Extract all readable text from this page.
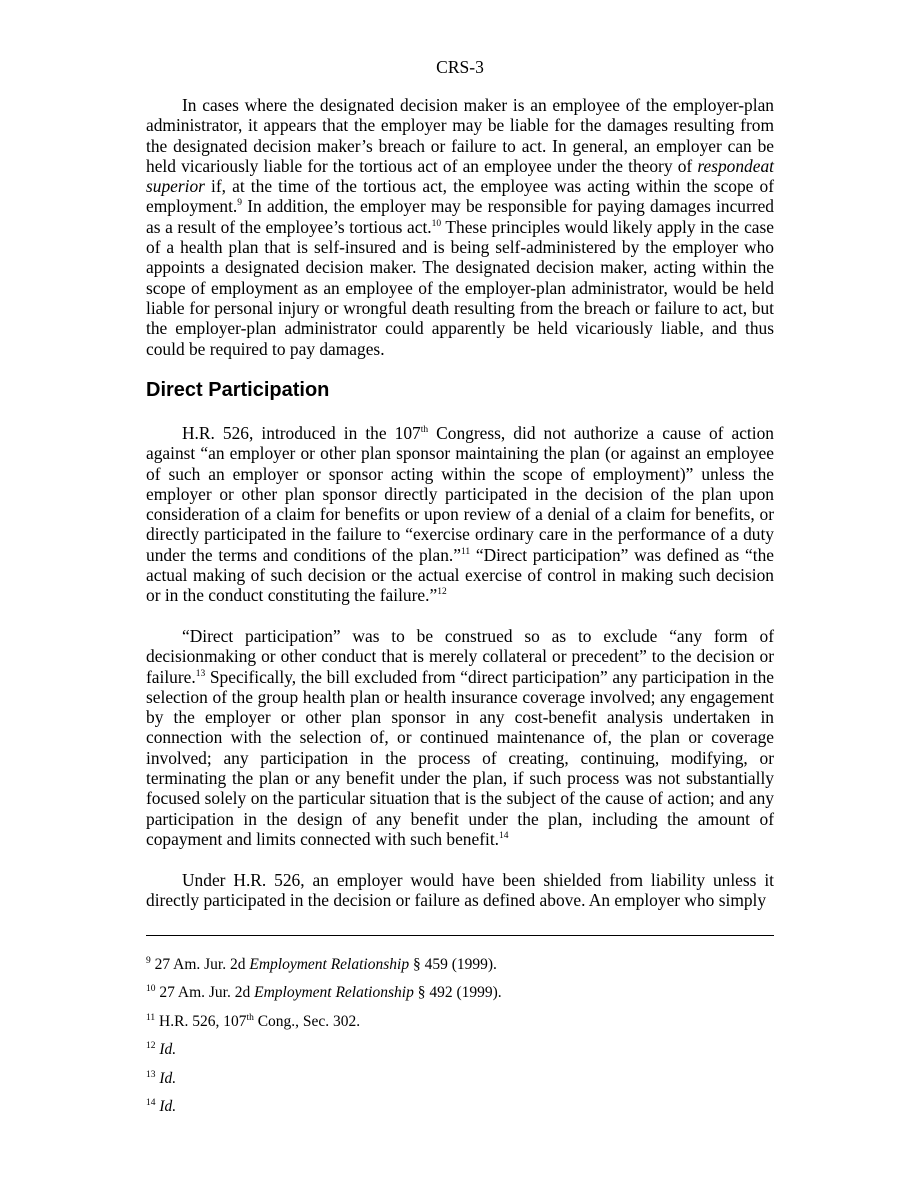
CRS-3

In cases where the designated decision maker is an employee of the employer-plan administrator, it appears that the employer may be liable for the damages resulting from the designated decision maker’s breach or failure to act. In general, an employer can be held vicariously liable for the tortious act of an employee under the theory of respondeat superior if, at the time of the tortious act, the employee was acting within the scope of employment.$^9$ In addition, the employer may be responsible for paying damages incurred as a result of the employee’s tortious act.$^{10}$ These principles would likely apply in the case of a health plan that is self-insured and is being self-administered by the employer who appoints a designated decision maker. The designated decision maker, acting within the scope of employment as an employee of the employer-plan administrator, would be held liable for personal injury or wrongful death resulting from the breach or failure to act, but the employer-plan administrator could apparently be held vicariously liable, and thus could be required to pay damages.

Direct Participation

H.R. 526, introduced in the 107th Congress, did not authorize a cause of action against “an employer or other plan sponsor maintaining the plan (or against an employee of such an employer or sponsor acting within the scope of employment)” unless the employer or other plan sponsor directly participated in the decision of the plan upon consideration of a claim for benefits or upon review of a denial of a claim for benefits, or directly participated in the failure to “exercise ordinary care in the performance of a duty under the terms and conditions of the plan.”$^{11}$ “Direct participation” was defined as “the actual making of such decision or the actual exercise of control in making such decision or in the conduct constituting the failure.”$^{12}$

“Direct participation” was to be construed so as to exclude “any form of decisionmaking or other conduct that is merely collateral or precedent” to the decision or failure.$^{13}$ Specifically, the bill excluded from “direct participation” any participation in the selection of the group health plan or health insurance coverage involved; any engagement by the employer or other plan sponsor in any cost-benefit analysis undertaken in connection with the selection of, or continued maintenance of, the plan or coverage involved; any participation in the process of creating, continuing, modifying, or terminating the plan or any benefit under the plan, if such process was not substantially focused solely on the particular situation that is the subject of the cause of action; and any participation in the design of any benefit under the plan, including the amount of copayment and limits connected with such benefit.$^{14}$

Under H.R. 526, an employer would have been shielded from liability unless it directly participated in the decision or failure as defined above. An employer who simply

$^9$ 27 Am. Jur. 2d Employment Relationship § 459 (1999).
$^{10}$ 27 Am. Jur. 2d Employment Relationship § 492 (1999).
$^{11}$ H.R. 526, 107th Cong., Sec. 302.
$^{12}$ Id.
$^{13}$ Id.
$^{14}$ Id.
